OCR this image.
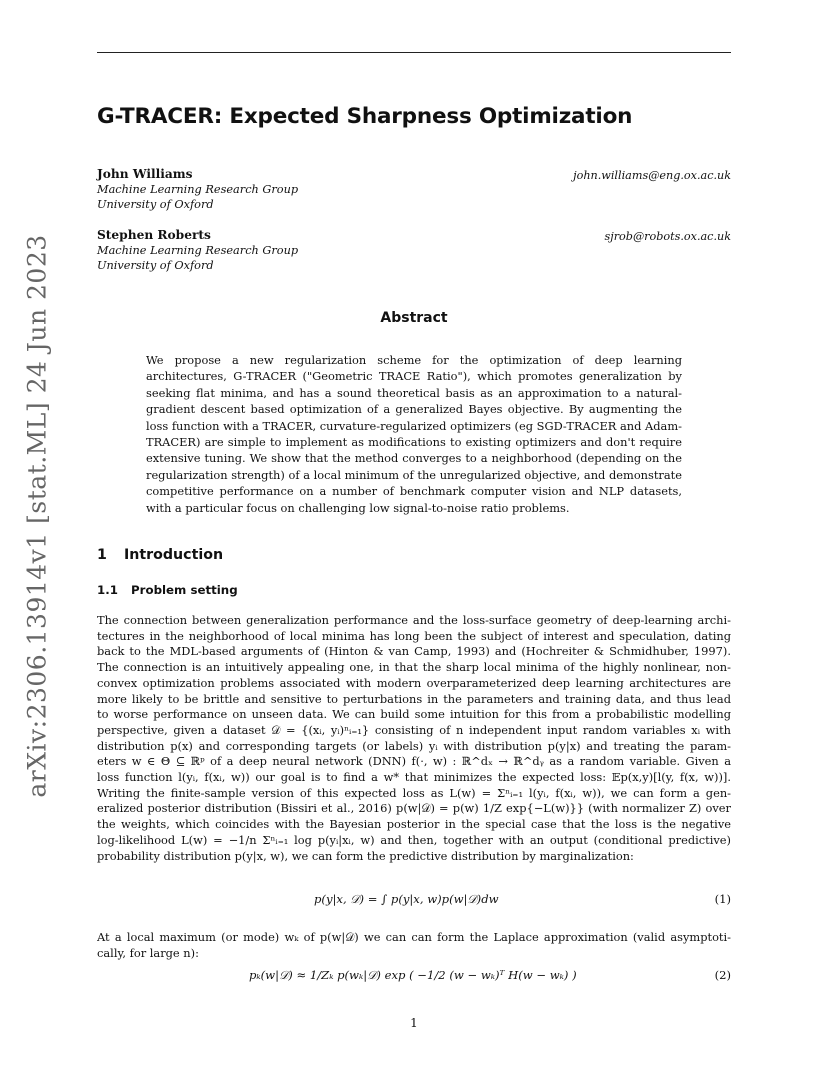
arXiv:2306.13914v1 [stat.ML] 24 Jun 2023
G-TRACER: Expected Sharpness Optimization
John Williams
Machine Learning Research Group
University of Oxford
john.williams@eng.ox.ac.uk
Stephen Roberts
Machine Learning Research Group
University of Oxford
sjrob@robots.ox.ac.uk
Abstract
We propose a new regularization scheme for the optimization of deep learning architectures, G-TRACER ("Geometric TRACE Ratio"), which promotes generalization by seeking flat minima, and has a sound theoretical basis as an approximation to a natural-gradient descent based optimization of a generalized Bayes objective. By augmenting the loss function with a TRACER, curvature-regularized optimizers (eg SGD-TRACER and Adam-TRACER) are simple to implement as modifications to existing optimizers and don't require extensive tuning. We show that the method converges to a neighborhood (depending on the regularization strength) of a local minimum of the unregularized objective, and demonstrate competitive performance on a number of benchmark computer vision and NLP datasets, with a particular focus on challenging low signal-to-noise ratio problems.
1 Introduction
1.1 Problem setting
The connection between generalization performance and the loss-surface geometry of deep-learning archi-
tectures in the neighborhood of local minima has long been the subject of interest and speculation, dating
back to the MDL-based arguments of (Hinton & van Camp, 1993) and (Hochreiter & Schmidhuber, 1997).
The connection is an intuitively appealing one, in that the sharp local minima of the highly nonlinear, non-
convex optimization problems associated with modern overparameterized deep learning architectures are
more likely to be brittle and sensitive to perturbations in the parameters and training data, and thus lead
to worse performance on unseen data. We can build some intuition for this from a probabilistic modelling
perspective, given a dataset 𝒟 = {(xᵢ, yᵢ)ⁿᵢ₌₁} consisting of n independent input random variables xᵢ with
distribution p(x) and corresponding targets (or labels) yᵢ with distribution p(y|x) and treating the param-
eters w ∈ Θ ⊆ ℝᵖ of a deep neural network (DNN) f(·, w) : ℝ^dₓ → ℝ^dᵧ as a random variable. Given a
loss function l(yᵢ, f(xᵢ, w)) our goal is to find a w* that minimizes the expected loss: 𝔼p(x,y)[l(y, f(x, w))].
Writing the finite-sample version of this expected loss as L(w) = Σⁿᵢ₌₁ l(yᵢ, f(xᵢ, w)), we can form a gen-
eralized posterior distribution (Bissiri et al., 2016) p(w|𝒟) = p(w) 1/Z exp{−L(w)}} (with normalizer Z) over
the weights, which coincides with the Bayesian posterior in the special case that the loss is the negative
log-likelihood L(w) = −1/n Σⁿᵢ₌₁ log p(yᵢ|xᵢ, w) and then, together with an output (conditional predictive)
probability distribution p(y|x, w), we can form the predictive distribution by marginalization:
p(y|x, 𝒟) = ∫ p(y|x, w)p(w|𝒟)dw	(1)
At a local maximum (or mode) wₖ of p(w|𝒟) we can can form the Laplace approximation (valid asymptoti-
cally, for large n):
pₖ(w|𝒟) ≈ 1/Zₖ p(wₖ|𝒟) exp ( −1/2 (w − wₖ)ᵀ H(w − wₖ) )	(2)
1
